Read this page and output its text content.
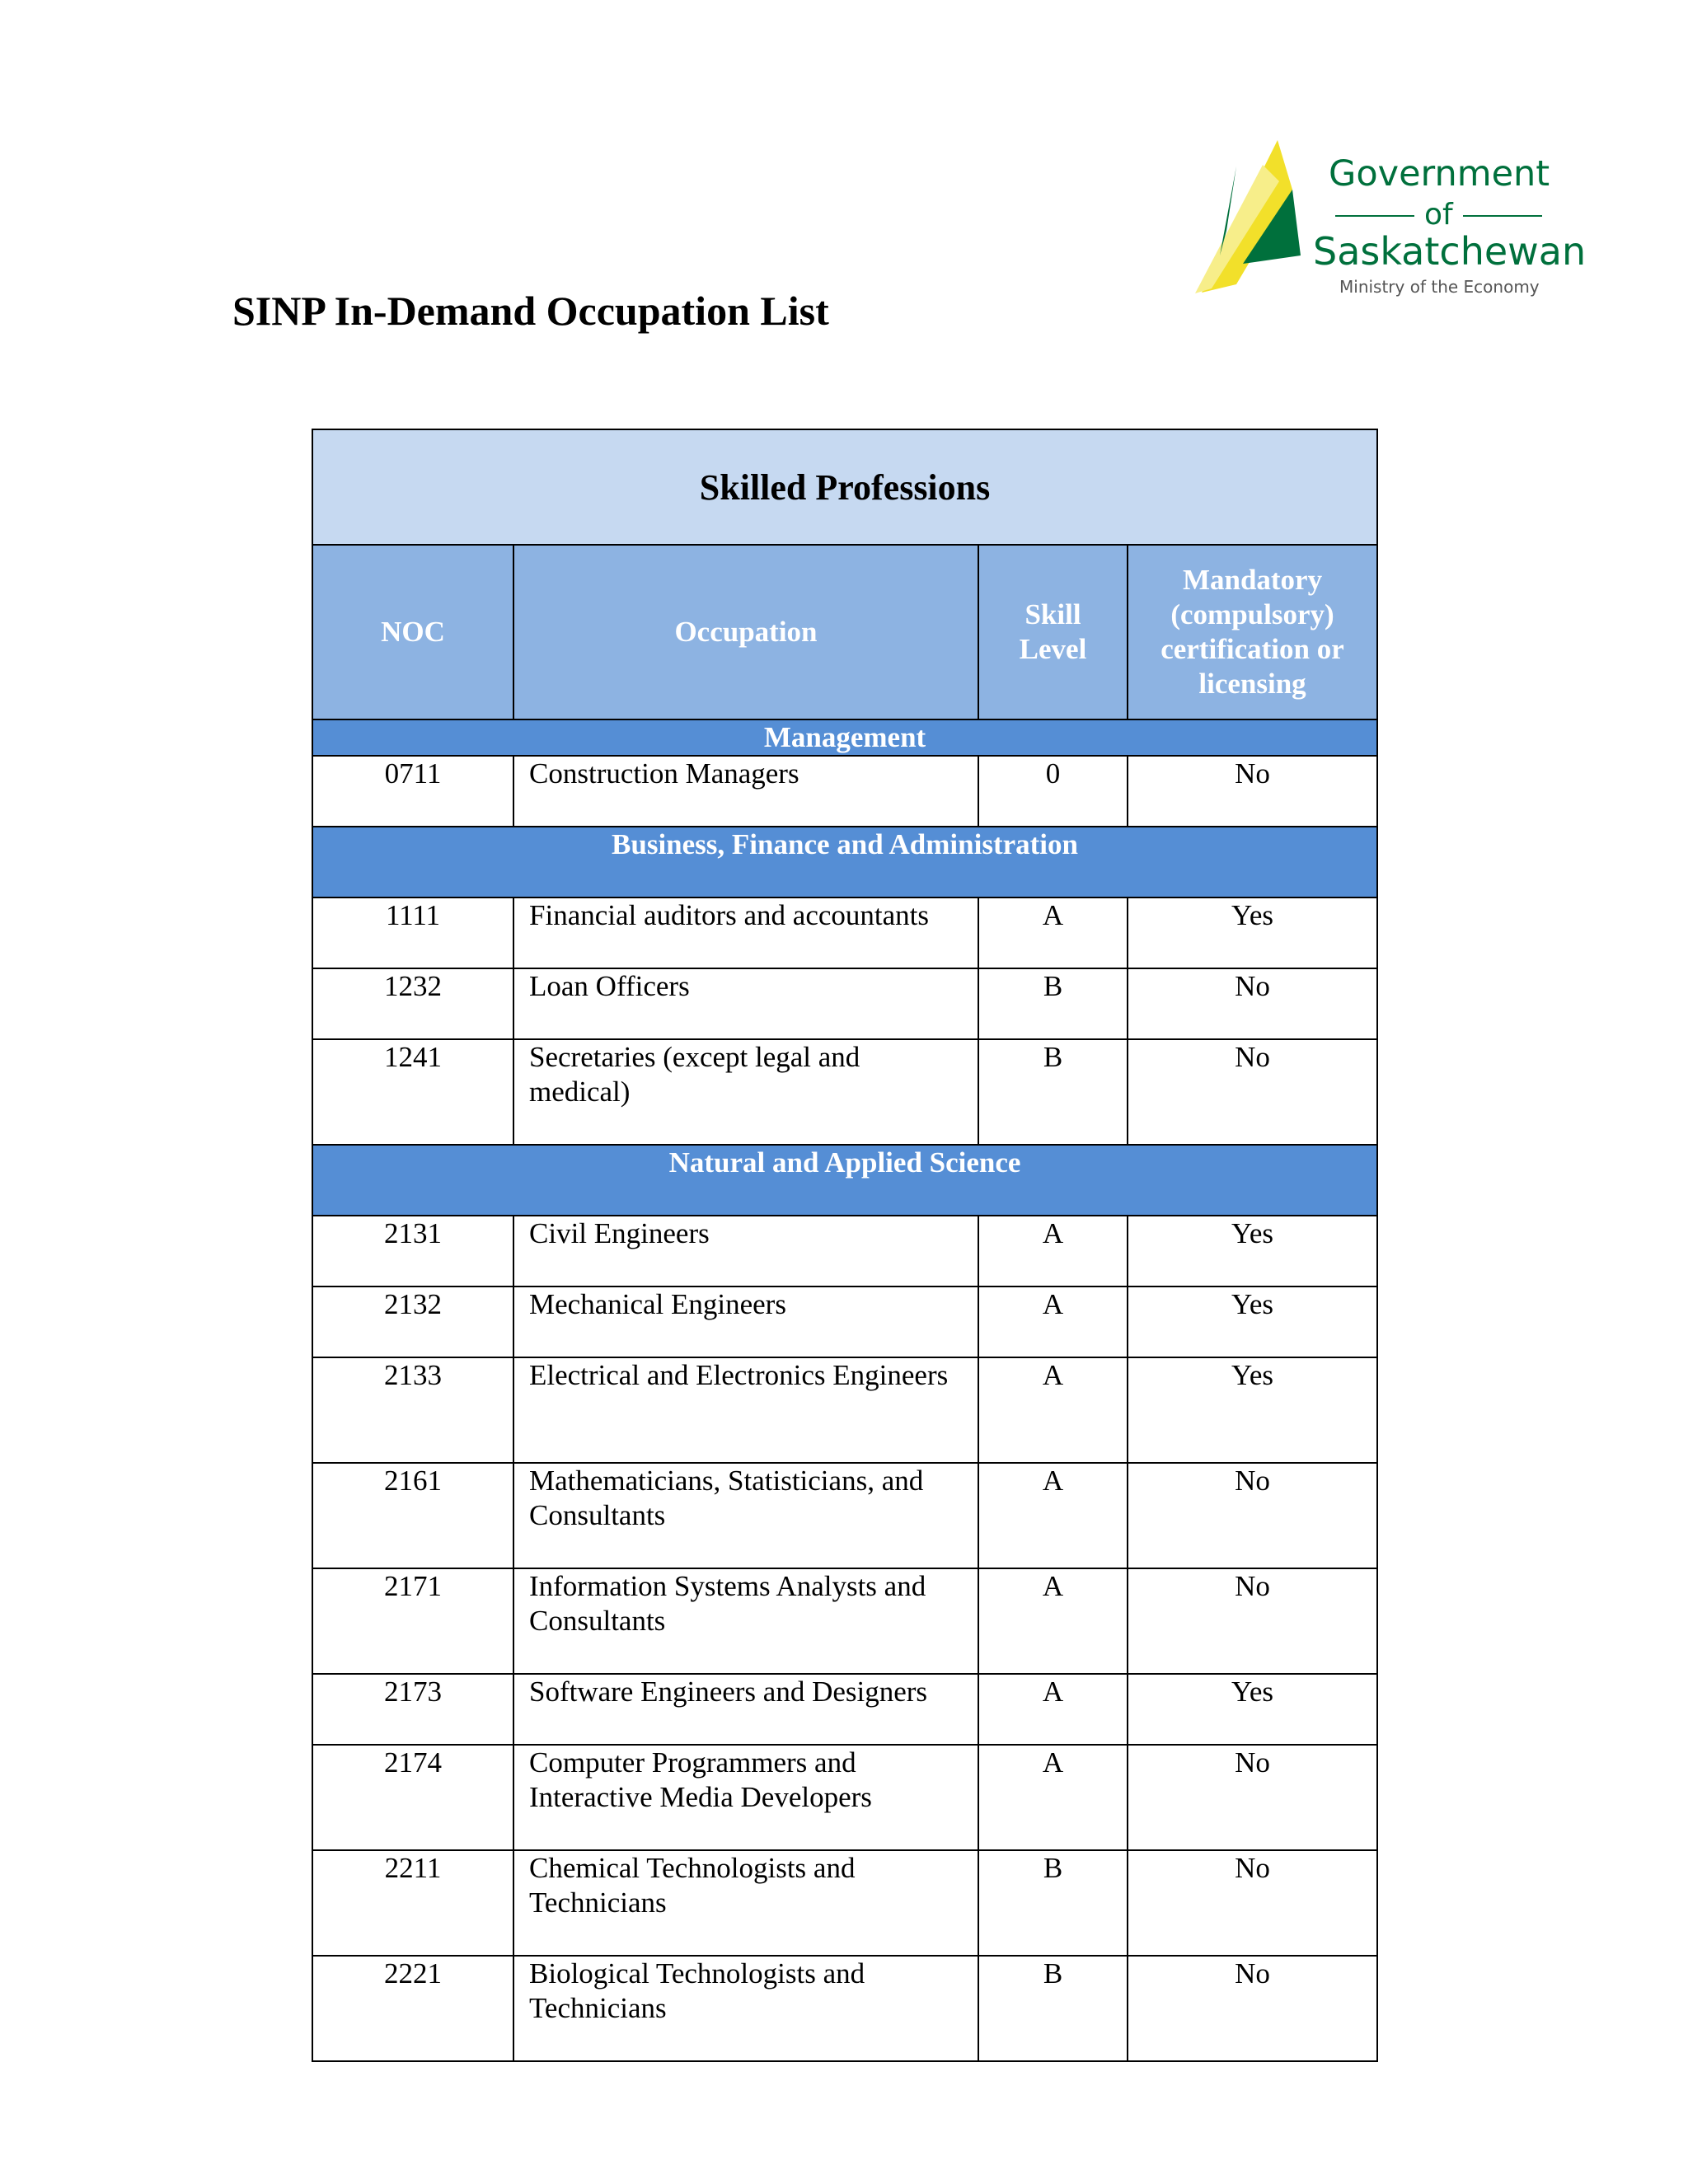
SINP In-Demand Occupation List
Government
of
Saskatchewan
Ministry of the Economy
Skilled Professions			

NOC	Occupation	Skill Level	Mandatory (compulsory) certification or licensing

Management			
0711	Construction Managers	0	No
Business, Finance and Administration			
1111	Financial auditors and accountants	A	Yes
1232	Loan Officers	B	No
1241	Secretaries (except legal and medical)	B	No
Natural and Applied Science			
2131	Civil Engineers	A	Yes
2132	Mechanical Engineers	A	Yes
2133	Electrical and Electronics Engineers	A	Yes
2161	Mathematicians, Statisticians, and Consultants	A	No
2171	Information Systems Analysts and Consultants	A	No
2173	Software Engineers and Designers	A	Yes
2174	Computer Programmers and Interactive Media Developers	A	No
2211	Chemical Technologists and Technicians	B	No
2221	Biological Technologists and Technicians	B	No
